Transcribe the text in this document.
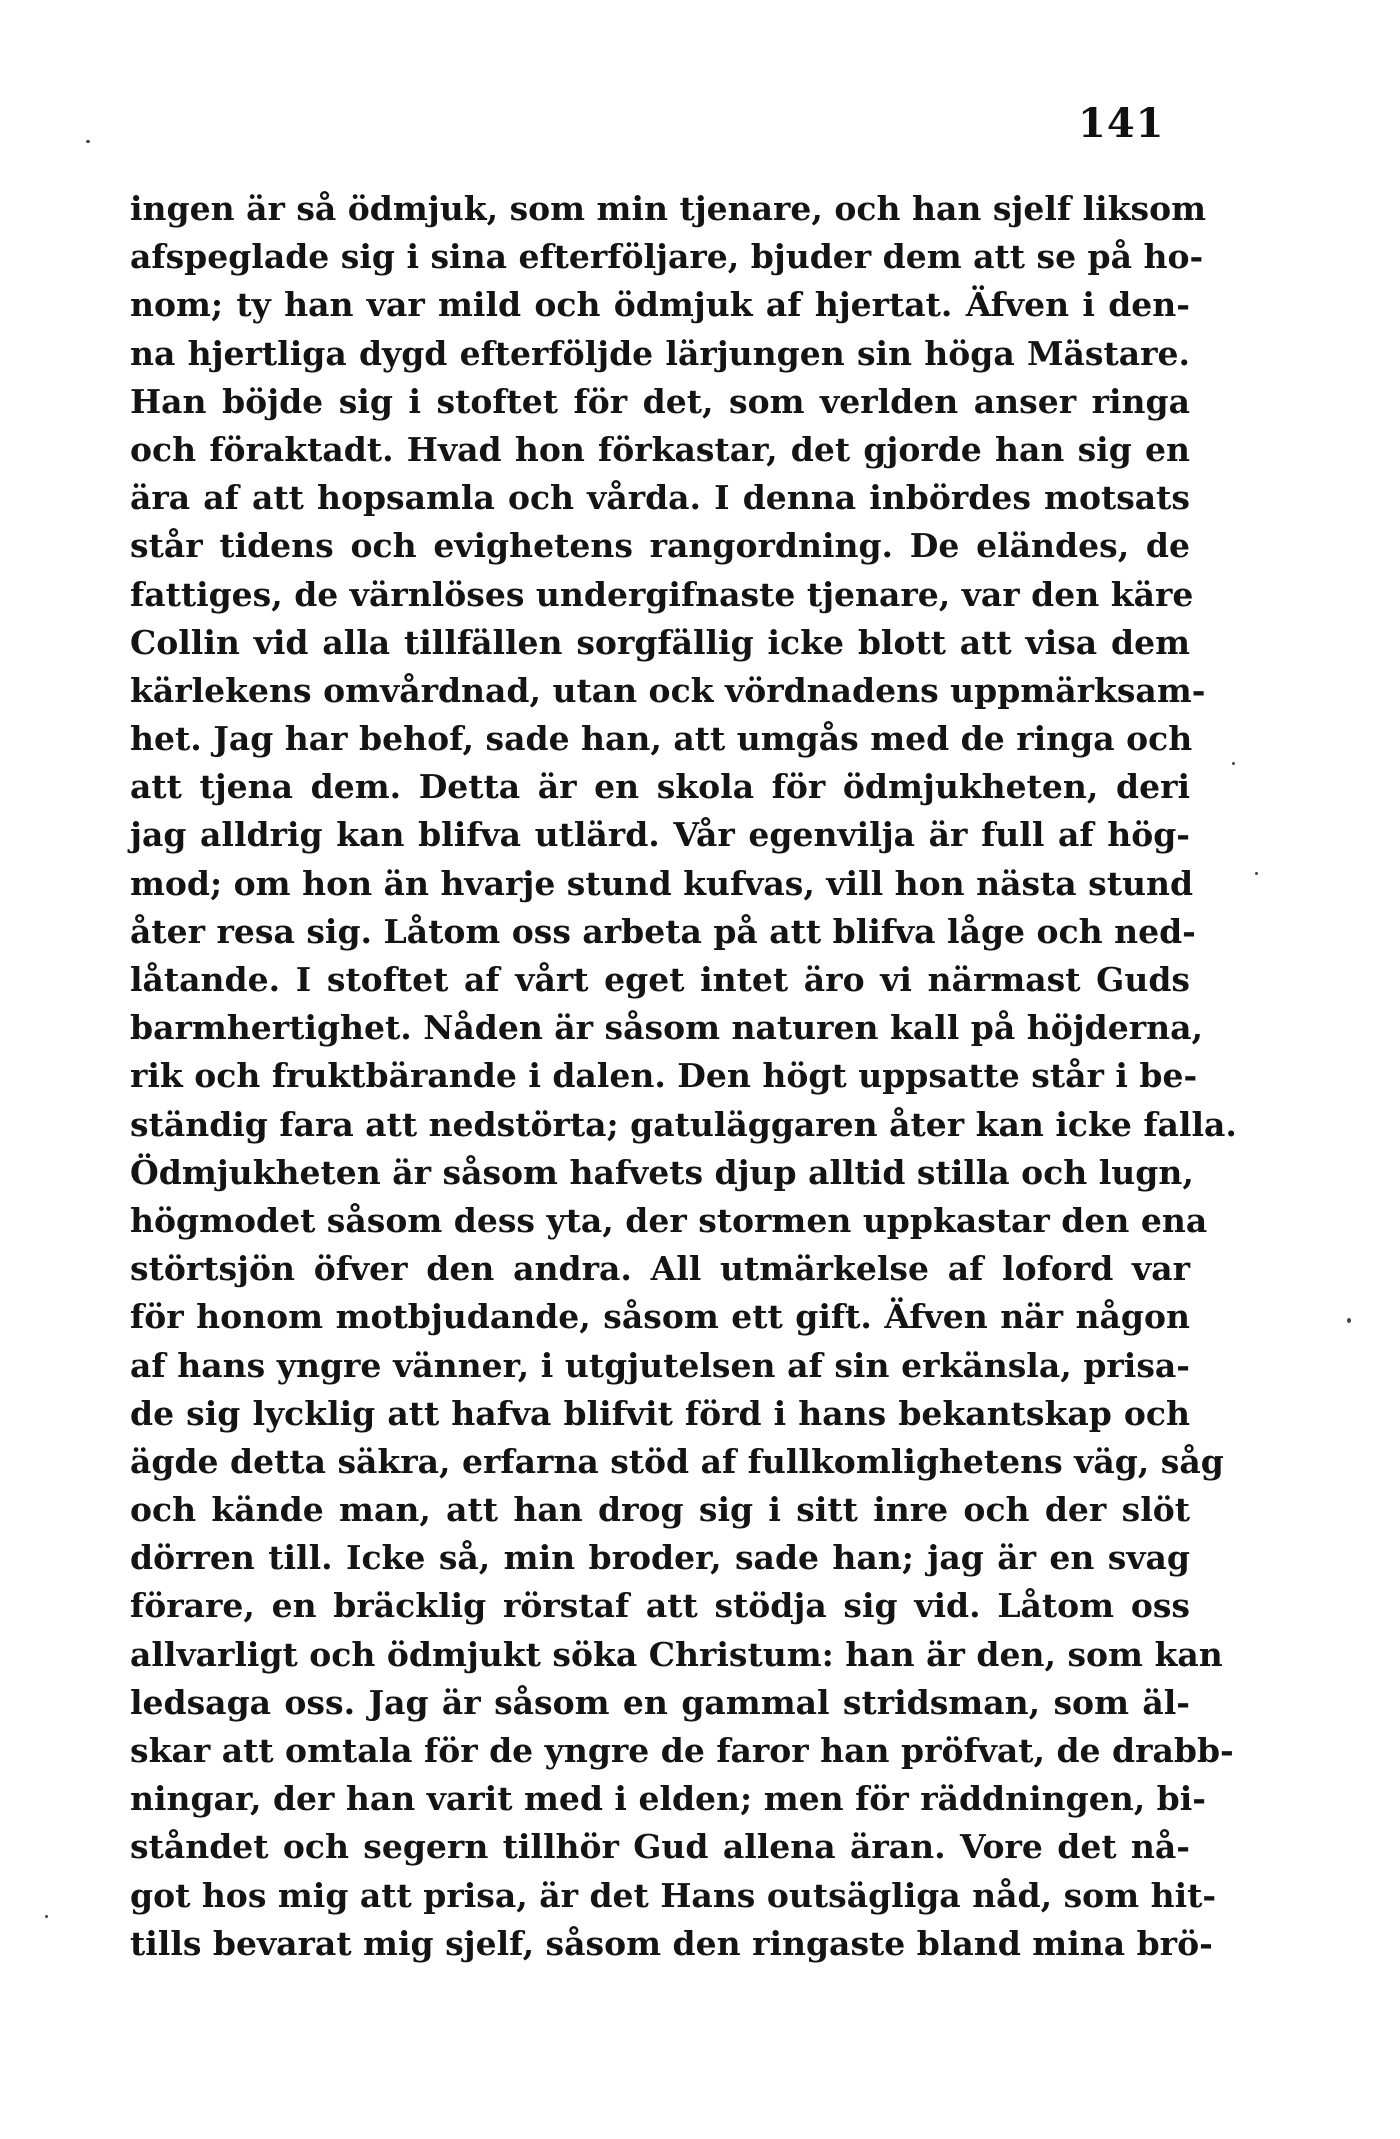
141
ingen är så ödmjuk, som min tjenare, och han sjelf liksom
afspeglade sig i sina efterföljare, bjuder dem att se på ho-
nom; ty han var mild och ödmjuk af hjertat. Äfven i den-
na hjertliga dygd efterföljde lärjungen sin höga Mästare.
Han böjde sig i stoftet för det, som verlden anser ringa
och föraktadt. Hvad hon förkastar, det gjorde han sig en
ära af att hopsamla och vårda. I denna inbördes motsats
står tidens och evighetens rangordning. De eländes, de
fattiges, de värnlöses undergifnaste tjenare, var den käre
Collin vid alla tillfällen sorgfällig icke blott att visa dem
kärlekens omvårdnad, utan ock vördnadens uppmärksam-
het. Jag har behof, sade han, att umgås med de ringa och
att tjena dem. Detta är en skola för ödmjukheten, deri
jag alldrig kan blifva utlärd. Vår egenvilja är full af hög-
mod; om hon än hvarje stund kufvas, vill hon nästa stund
åter resa sig. Låtom oss arbeta på att blifva låge och ned-
låtande. I stoftet af vårt eget intet äro vi närmast Guds
barmhertighet. Nåden är såsom naturen kall på höjderna,
rik och fruktbärande i dalen. Den högt uppsatte står i be-
ständig fara att nedstörta; gatuläggaren åter kan icke falla.
Ödmjukheten är såsom hafvets djup alltid stilla och lugn,
högmodet såsom dess yta, der stormen uppkastar den ena
störtsjön öfver den andra. All utmärkelse af loford var
för honom motbjudande, såsom ett gift. Äfven när någon
af hans yngre vänner, i utgjutelsen af sin erkänsla, prisa-
de sig lycklig att hafva blifvit förd i hans bekantskap och
ägde detta säkra, erfarna stöd af fullkomlighetens väg, såg
och kände man, att han drog sig i sitt inre och der slöt
dörren till. Icke så, min broder, sade han; jag är en svag
förare, en bräcklig rörstaf att stödja sig vid. Låtom oss
allvarligt och ödmjukt söka Christum: han är den, som kan
ledsaga oss. Jag är såsom en gammal stridsman, som äl-
skar att omtala för de yngre de faror han pröfvat, de drabb-
ningar, der han varit med i elden; men för räddningen, bi-
ståndet och segern tillhör Gud allena äran. Vore det nå-
got hos mig att prisa, är det Hans outsägliga nåd, som hit-
tills bevarat mig sjelf, såsom den ringaste bland mina brö-
